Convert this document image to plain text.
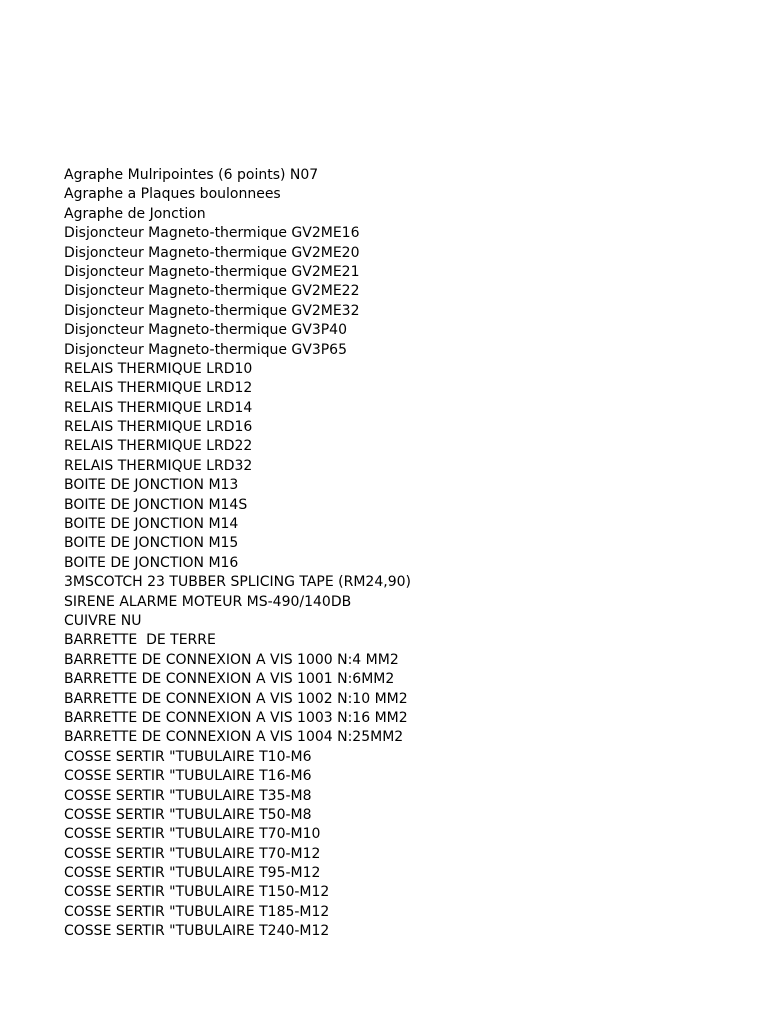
Agraphe Mulripointes (6 points) N07
Agraphe a Plaques boulonnees
Agraphe de Jonction
Disjoncteur Magneto-thermique GV2ME16
Disjoncteur Magneto-thermique GV2ME20
Disjoncteur Magneto-thermique GV2ME21
Disjoncteur Magneto-thermique GV2ME22
Disjoncteur Magneto-thermique GV2ME32
Disjoncteur Magneto-thermique GV3P40
Disjoncteur Magneto-thermique GV3P65
RELAIS THERMIQUE LRD10
RELAIS THERMIQUE LRD12
RELAIS THERMIQUE LRD14
RELAIS THERMIQUE LRD16
RELAIS THERMIQUE LRD22
RELAIS THERMIQUE LRD32
BOITE DE JONCTION M13
BOITE DE JONCTION M14S
BOITE DE JONCTION M14
BOITE DE JONCTION M15
BOITE DE JONCTION M16
3MSCOTCH 23 TUBBER SPLICING TAPE (RM24,90)
SIRENE ALARME MOTEUR MS-490/140DB
CUIVRE NU
BARRETTE  DE TERRE
BARRETTE DE CONNEXION A VIS 1000 N:4 MM2
BARRETTE DE CONNEXION A VIS 1001 N:6MM2
BARRETTE DE CONNEXION A VIS 1002 N:10 MM2
BARRETTE DE CONNEXION A VIS 1003 N:16 MM2
BARRETTE DE CONNEXION A VIS 1004 N:25MM2
COSSE SERTIR "TUBULAIRE T10-M6
COSSE SERTIR "TUBULAIRE T16-M6
COSSE SERTIR "TUBULAIRE T35-M8
COSSE SERTIR "TUBULAIRE T50-M8
COSSE SERTIR "TUBULAIRE T70-M10
COSSE SERTIR "TUBULAIRE T70-M12
COSSE SERTIR "TUBULAIRE T95-M12
COSSE SERTIR "TUBULAIRE T150-M12
COSSE SERTIR "TUBULAIRE T185-M12
COSSE SERTIR "TUBULAIRE T240-M12
